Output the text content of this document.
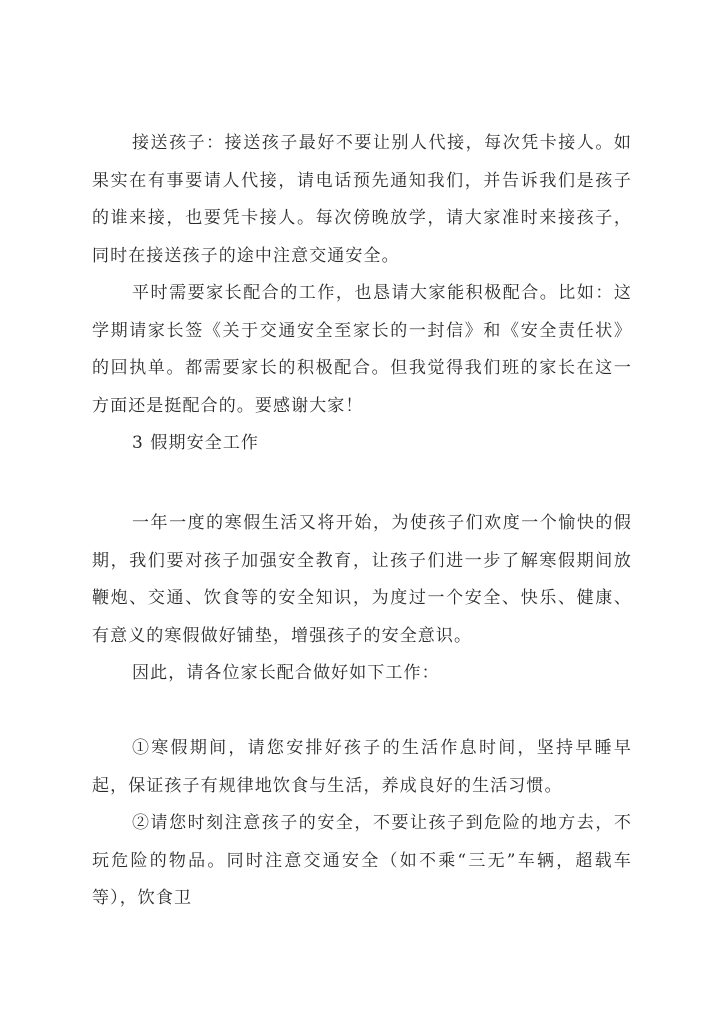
接送孩子：接送孩子最好不要让别人代接，每次凭卡接人。如果实在有事要请人代接，请电话预先通知我们，并告诉我们是孩子的谁来接，也要凭卡接人。每次傍晚放学，请大家准时来接孩子，同时在接送孩子的途中注意交通安全。

平时需要家长配合的工作，也恳请大家能积极配合。比如：这学期请家长签《关于交通安全至家长的一封信》和《安全责任状》的回执单。都需要家长的积极配合。但我觉得我们班的家长在这一方面还是挺配合的。要感谢大家！

3 假期安全工作

一年一度的寒假生活又将开始，为使孩子们欢度一个愉快的假期，我们要对孩子加强安全教育，让孩子们进一步了解寒假期间放鞭炮、交通、饮食等的安全知识，为度过一个安全、快乐、健康、有意义的寒假做好铺垫，增强孩子的安全意识。

因此，请各位家长配合做好如下工作：

①寒假期间，请您安排好孩子的生活作息时间，坚持早睡早起，保证孩子有规律地饮食与生活，养成良好的生活习惯。

②请您时刻注意孩子的安全，不要让孩子到危险的地方去，不玩危险的物品。同时注意交通安全（如不乘“三无”车辆，超载车等），饮食卫
